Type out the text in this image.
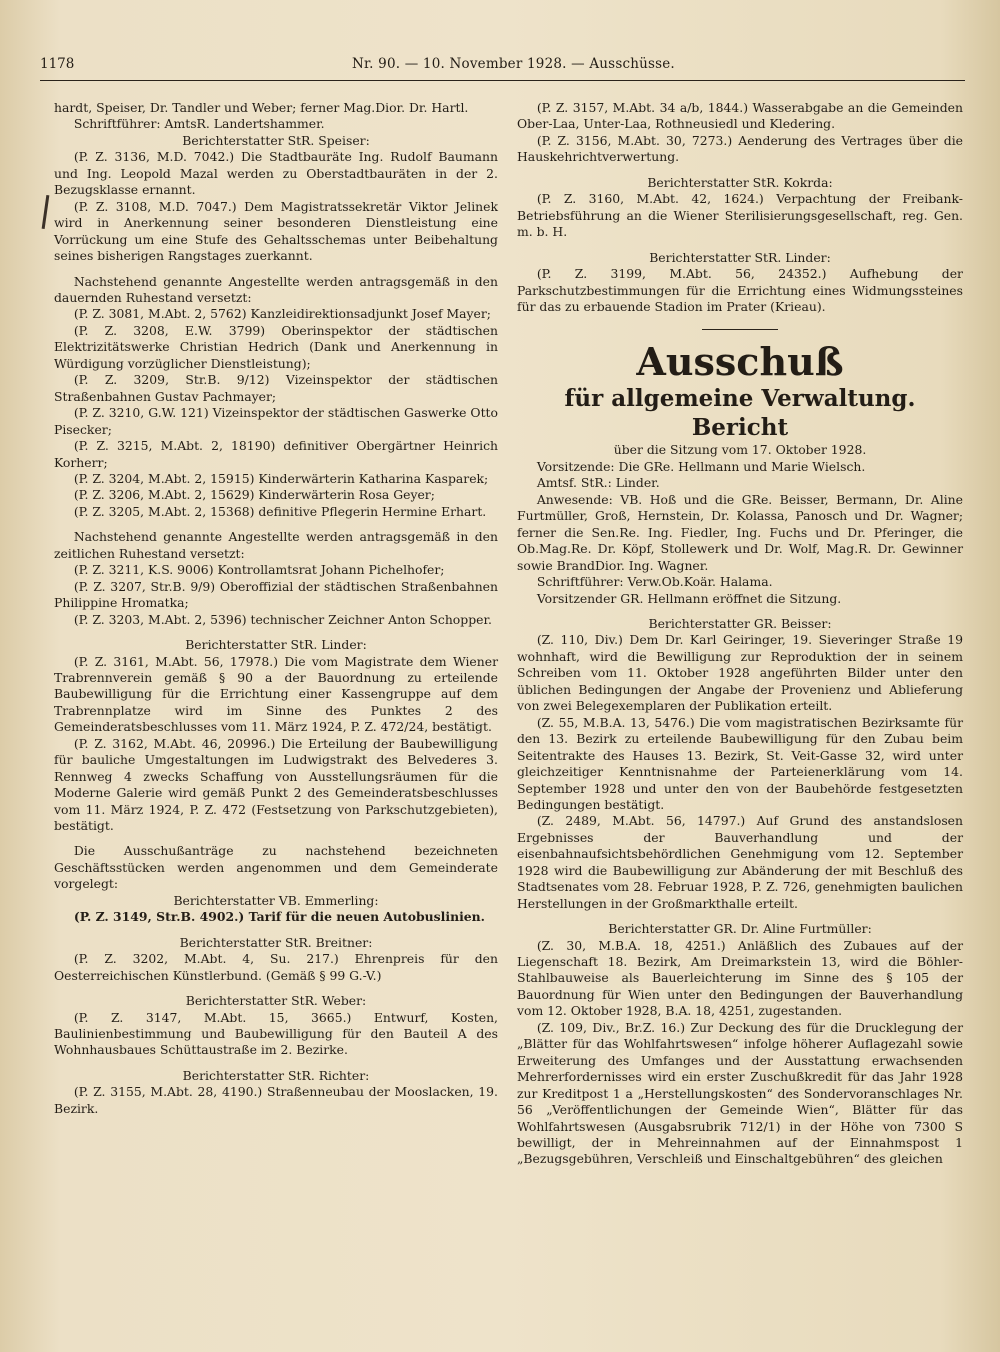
1178	Nr. 90. — 10. November 1928. — Ausschüsse.

hardt, Speiser, Dr. Tandler und Weber; ferner Mag.Dior. Dr. Hartl.

Schriftführer: AmtsR. Landertshammer.

Berichterstatter StR. Speiser:

(P. Z. 3136, M.D. 7042.) Die Stadtbauräte Ing. Rudolf Baumann und Ing. Leopold Mazal werden zu Oberstadtbauräten in der 2. Bezugsklasse ernannt.

(P. Z. 3108, M.D. 7047.) Dem Magistratssekretär Viktor Jelinek wird in Anerkennung seiner besonderen Dienstleistung eine Vorrückung um eine Stufe des Gehaltsschemas unter Beibehaltung seines bisherigen Rangstages zuerkannt.

Nachstehend genannte Angestellte werden antragsgemäß in den dauernden Ruhestand versetzt:

(P. Z. 3081, M.Abt. 2, 5762) Kanzleidirektionsadjunkt Josef Mayer;

(P. Z. 3208, E.W. 3799) Oberinspektor der städtischen Elektrizitätswerke Christian Hedrich (Dank und Anerkennung in Würdigung vorzüglicher Dienstleistung);

(P. Z. 3209, Str.B. 9/12) Vizeinspektor der städtischen Straßenbahnen Gustav Pachmayer;

(P. Z. 3210, G.W. 121) Vizeinspektor der städtischen Gaswerke Otto Pisecker;

(P. Z. 3215, M.Abt. 2, 18190) definitiver Obergärtner Heinrich Korherr;

(P. Z. 3204, M.Abt. 2, 15915) Kinderwärterin Katharina Kasparek;

(P. Z. 3206, M.Abt. 2, 15629) Kinderwärterin Rosa Geyer;

(P. Z. 3205, M.Abt. 2, 15368) definitive Pflegerin Hermine Erhart.

Nachstehend genannte Angestellte werden antragsgemäß in den zeitlichen Ruhestand versetzt:

(P. Z. 3211, K.S. 9006) Kontrollamtsrat Johann Pichelhofer;

(P. Z. 3207, Str.B. 9/9) Oberoffizial der städtischen Straßenbahnen Philippine Hromatka;

(P. Z. 3203, M.Abt. 2, 5396) technischer Zeichner Anton Schopper.

Berichterstatter StR. Linder:

(P. Z. 3161, M.Abt. 56, 17978.) Die vom Magistrate dem Wiener Trabrennverein gemäß § 90 a der Bauordnung zu erteilende Baubewilligung für die Errichtung einer Kassengruppe auf dem Trabrennplatze wird im Sinne des Punktes 2 des Gemeinderatsbeschlusses vom 11. März 1924, P. Z. 472/24, bestätigt.

(P. Z. 3162, M.Abt. 46, 20996.) Die Erteilung der Baubewilligung für bauliche Umgestaltungen im Ludwigstrakt des Belvederes 3. Rennweg 4 zwecks Schaffung von Ausstellungsräumen für die Moderne Galerie wird gemäß Punkt 2 des Gemeinderatsbeschlusses vom 11. März 1924, P. Z. 472 (Festsetzung von Parkschutzgebieten), bestätigt.

Die Ausschußanträge zu nachstehend bezeichneten Geschäftsstücken werden angenommen und dem Gemeinderate vorgelegt:

Berichterstatter VB. Emmerling:

(P. Z. 3149, Str.B. 4902.) Tarif für die neuen Autobuslinien.

Berichterstatter StR. Breitner:

(P. Z. 3202, M.Abt. 4, Su. 217.) Ehrenpreis für den Oesterreichischen Künstlerbund. (Gemäß § 99 G.-V.)

Berichterstatter StR. Weber:

(P. Z. 3147, M.Abt. 15, 3665.) Entwurf, Kosten, Baulinienbestimmung und Baubewilligung für den Bauteil A des Wohnhausbaues Schüttaustraße im 2. Bezirke.

Berichterstatter StR. Richter:

(P. Z. 3155, M.Abt. 28, 4190.) Straßenneubau der Mooslacken, 19. Bezirk.

(P. Z. 3157, M.Abt. 34 a/b, 1844.) Wasserabgabe an die Gemeinden Ober-Laa, Unter-Laa, Rothneusiedl und Kledering.

(P. Z. 3156, M.Abt. 30, 7273.) Aenderung des Vertrages über die Hauskehrichtverwertung.

Berichterstatter StR. Kokrda:

(P. Z. 3160, M.Abt. 42, 1624.) Verpachtung der Freibank-Betriebsführung an die Wiener Sterilisierungsgesellschaft, reg. Gen. m. b. H.

Berichterstatter StR. Linder:

(P. Z. 3199, M.Abt. 56, 24352.) Aufhebung der Parkschutzbestimmungen für die Errichtung eines Widmungssteines für das zu erbauende Stadion im Prater (Krieau).

Ausschuß
für allgemeine Verwaltung.
Bericht

über die Sitzung vom 17. Oktober 1928.

Vorsitzende: Die GRe. Hellmann und Marie Wielsch.

Amtsf. StR.: Linder.

Anwesende: VB. Hoß und die GRe. Beisser, Bermann, Dr. Aline Furtmüller, Groß, Hernstein, Dr. Kolassa, Panosch und Dr. Wagner; ferner die Sen.Re. Ing. Fiedler, Ing. Fuchs und Dr. Pferinger, die Ob.Mag.Re. Dr. Köpf, Stollewerk und Dr. Wolf, Mag.R. Dr. Gewinner sowie BrandDior. Ing. Wagner.

Schriftführer: Verw.Ob.Koär. Halama.

Vorsitzender GR. Hellmann eröffnet die Sitzung.

Berichterstatter GR. Beisser:

(Z. 110, Div.) Dem Dr. Karl Geiringer, 19. Sieveringer Straße 19 wohnhaft, wird die Bewilligung zur Reproduktion der in seinem Schreiben vom 11. Oktober 1928 angeführten Bilder unter den üblichen Bedingungen der Angabe der Provenienz und Ablieferung von zwei Belegexemplaren der Publikation erteilt.

(Z. 55, M.B.A. 13, 5476.) Die vom magistratischen Bezirksamte für den 13. Bezirk zu erteilende Baubewilligung für den Zubau beim Seitentrakte des Hauses 13. Bezirk, St. Veit-Gasse 32, wird unter gleichzeitiger Kenntnisnahme der Parteienerklärung vom 14. September 1928 und unter den von der Baubehörde festgesetzten Bedingungen bestätigt.

(Z. 2489, M.Abt. 56, 14797.) Auf Grund des anstandslosen Ergebnisses der Bauverhandlung und der eisenbahnaufsichtsbehördlichen Genehmigung vom 12. September 1928 wird die Baubewilligung zur Abänderung der mit Beschluß des Stadtsenates vom 28. Februar 1928, P. Z. 726, genehmigten baulichen Herstellungen in der Großmarkthalle erteilt.

Berichterstatter GR. Dr. Aline Furtmüller:

(Z. 30, M.B.A. 18, 4251.) Anläßlich des Zubaues auf der Liegenschaft 18. Bezirk, Am Dreimarkstein 13, wird die Böhler-Stahlbauweise als Bauerleichterung im Sinne des § 105 der Bauordnung für Wien unter den Bedingungen der Bauverhandlung vom 12. Oktober 1928, B.A. 18, 4251, zugestanden.

(Z. 109, Div., Br.Z. 16.) Zur Deckung des für die Drucklegung der „Blätter für das Wohlfahrtswesen“ infolge höherer Auflagezahl sowie Erweiterung des Umfanges und der Ausstattung erwachsenden Mehrerfordernisses wird ein erster Zuschußkredit für das Jahr 1928 zur Kreditpost 1 a „Herstellungskosten“ des Sondervoranschlages Nr. 56 „Veröffentlichungen der Gemeinde Wien“, Blätter für das Wohlfahrtswesen (Ausgabsrubrik 712/1) in der Höhe von 7300 S bewilligt, der in Mehreinnahmen auf der Einnahmspost 1 „Bezugsgebühren, Verschleiß und Einschaltgebühren“ des gleichen
